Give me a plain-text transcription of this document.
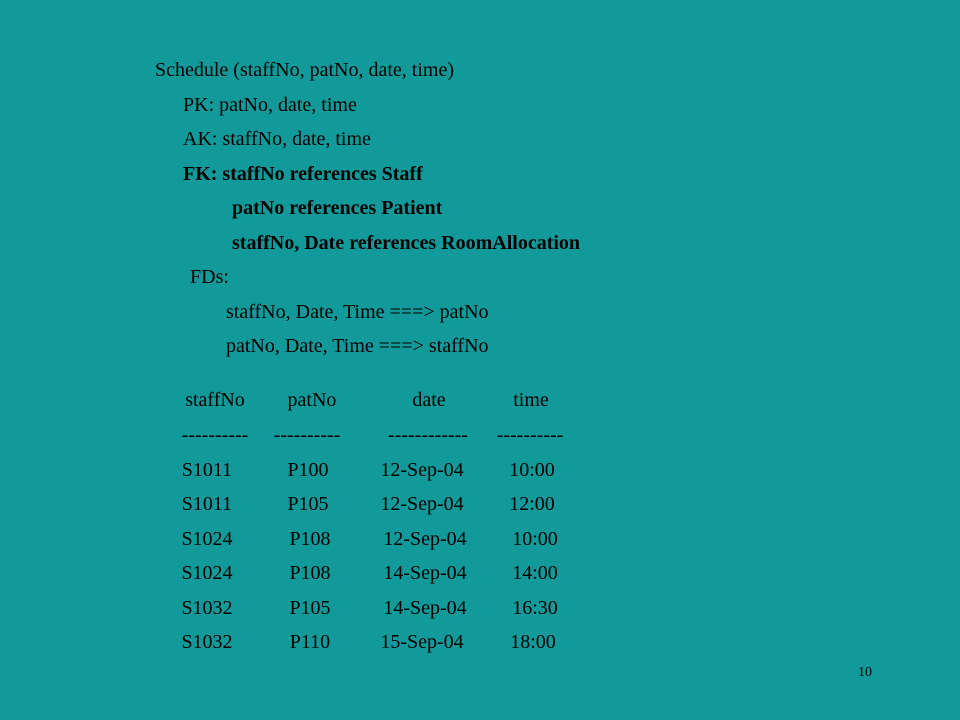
Schedule (staffNo, patNo, date, time)
PK: patNo, date, time
AK: staffNo, date, time
FK: staffNo references Staff
patNo references Patient
staffNo, Date references RoomAllocation
FDs:
staffNo, Date, Time ===> patNo
patNo, Date, Time ===> staffNo
staffNo patNo	date	time
---------- ---------- ------------ ----------
S1011	P100	12-Sep-04 10:00
S1011	P105	12-Sep-04 12:00
S1024	P108	12-Sep-04 10:00
S1024	P108	14-Sep-04 14:00
S1032	P105	14-Sep-04 16:30
S1032	P110	15-Sep-04 18:00
10
